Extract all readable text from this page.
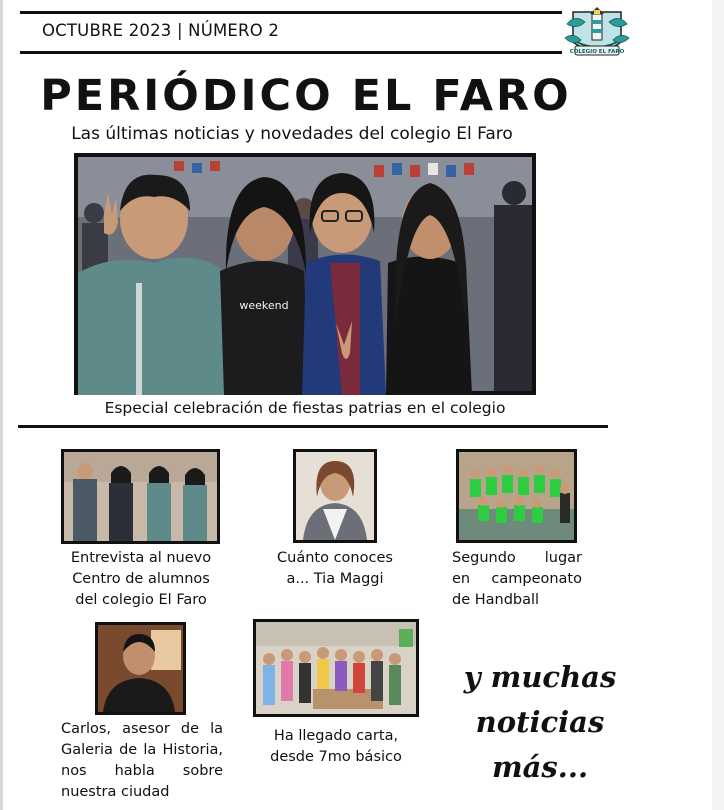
OCTUBRE 2023 | NÚMERO 2
COLEGIO EL FARO
PERIÓDICO EL FARO
Las últimas noticias y novedades del colegio El Faro
weekend
Especial celebración de fiestas patrias en el colegio
Entrevista al nuevo
Centro de alumnos
del colegio El Faro
Cuánto conoces
a... Tia Maggi
Segundo lugar
en campeonato
de Handball
Carlos, asesor de la
Galeria de la Historia,
nos habla sobre
nuestra ciudad
Ha llegado carta,
desde 7mo básico
y muchas
noticias
más...
